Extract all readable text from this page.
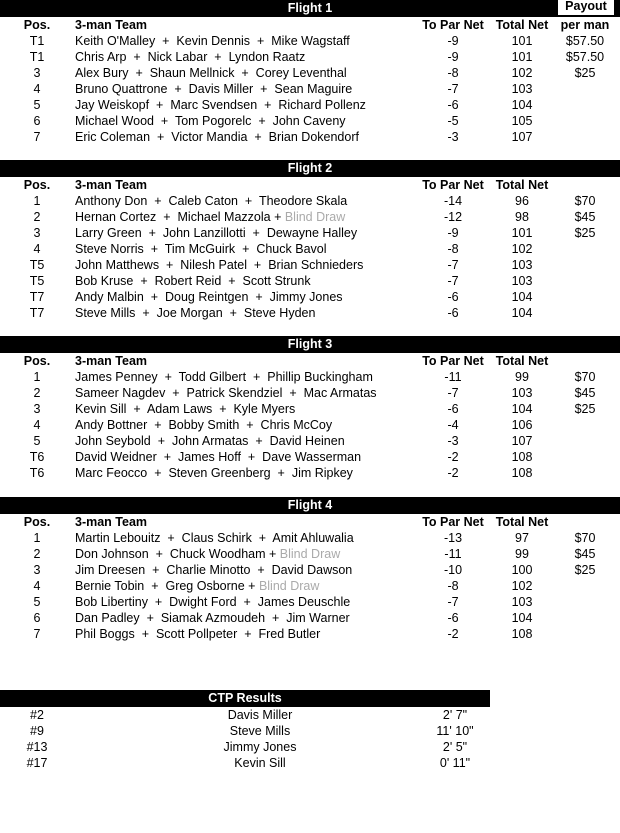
Flight 1	Payout
Pos.	3-man Team	To Par Net Total Net per man
T1	Keith O'Malley  +  Kevin Dennis  +  Mike Wagstaff	-9	101	$57.50
T1	Chris Arp  +  Nick Labar  +  Lyndon Raatz	-9	101	$57.50
3	Alex Bury  +  Shaun Mellnick  +  Corey Leventhal	-8	102	$25
4	Bruno Quattrone  +  Davis Miller  +  Sean Maguire	-7	103
5	Jay Weiskopf  +  Marc Svendsen  +  Richard Pollenz	-6	104
6	Michael Wood  +  Tom Pogorelc  +  John Caveny	-5	105
7	Eric Coleman  +  Victor Mandia  +  Brian Dokendorf	-3	107
Flight 2
Pos.	3-man Team	To Par Net Total Net
1	Anthony Don  +  Caleb Caton  +  Theodore Skala	-14	96	$70
2	Hernan Cortez  +  Michael Mazzola + Blind Draw	-12	98	$45
3	Larry Green  +  John Lanzillotti  +  Dewayne Halley	-9	101	$25
4	Steve Norris  +  Tim McGuirk  +  Chuck Bavol	-8	102
T5	John Matthews  +  Nilesh Patel  +  Brian Schnieders	-7	103
T5	Bob Kruse  +  Robert Reid  +  Scott Strunk	-7	103
T7	Andy Malbin  +  Doug Reintgen  +  Jimmy Jones	-6	104
T7	Steve Mills  +  Joe Morgan  +  Steve Hyden	-6	104
Flight 3
Pos.	3-man Team	To Par Net Total Net
1	James Penney  +  Todd Gilbert  +  Phillip Buckingham	-11	99	$70
2	Sameer Nagdev  +  Patrick Skendziel  +  Mac Armatas	-7	103	$45
3	Kevin Sill  +  Adam Laws  +  Kyle Myers	-6	104	$25
4	Andy Bottner  +  Bobby Smith  +  Chris McCoy	-4	106
5	John Seybold  +  John Armatas  +  David Heinen	-3	107
T6	David Weidner  +  James Hoff  +  Dave Wasserman	-2	108
T6	Marc Feocco  +  Steven Greenberg  +  Jim Ripkey	-2	108
Flight 4
Pos.	3-man Team	To Par Net Total Net
1	Martin Lebouitz  +  Claus Schirk  +  Amit Ahluwalia	-13	97	$70
2	Don Johnson  +  Chuck Woodham + Blind Draw	-11	99	$45
3	Jim Dreesen  +  Charlie Minotto  +  David Dawson	-10	100	$25
4	Bernie Tobin  +  Greg Osborne + Blind Draw	-8	102
5	Bob Libertiny  +  Dwight Ford  +  James Deuschle	-7	103
6	Dan Padley  +  Siamak Azmoudeh  +  Jim Warner	-6	104
7	Phil Boggs  +  Scott Pollpeter  +  Fred Butler	-2	108
CTP Results
#2	Davis Miller	2' 7"
#9	Steve Mills	11' 10"
#13	Jimmy Jones	2' 5"
#17	Kevin Sill	0' 11"
